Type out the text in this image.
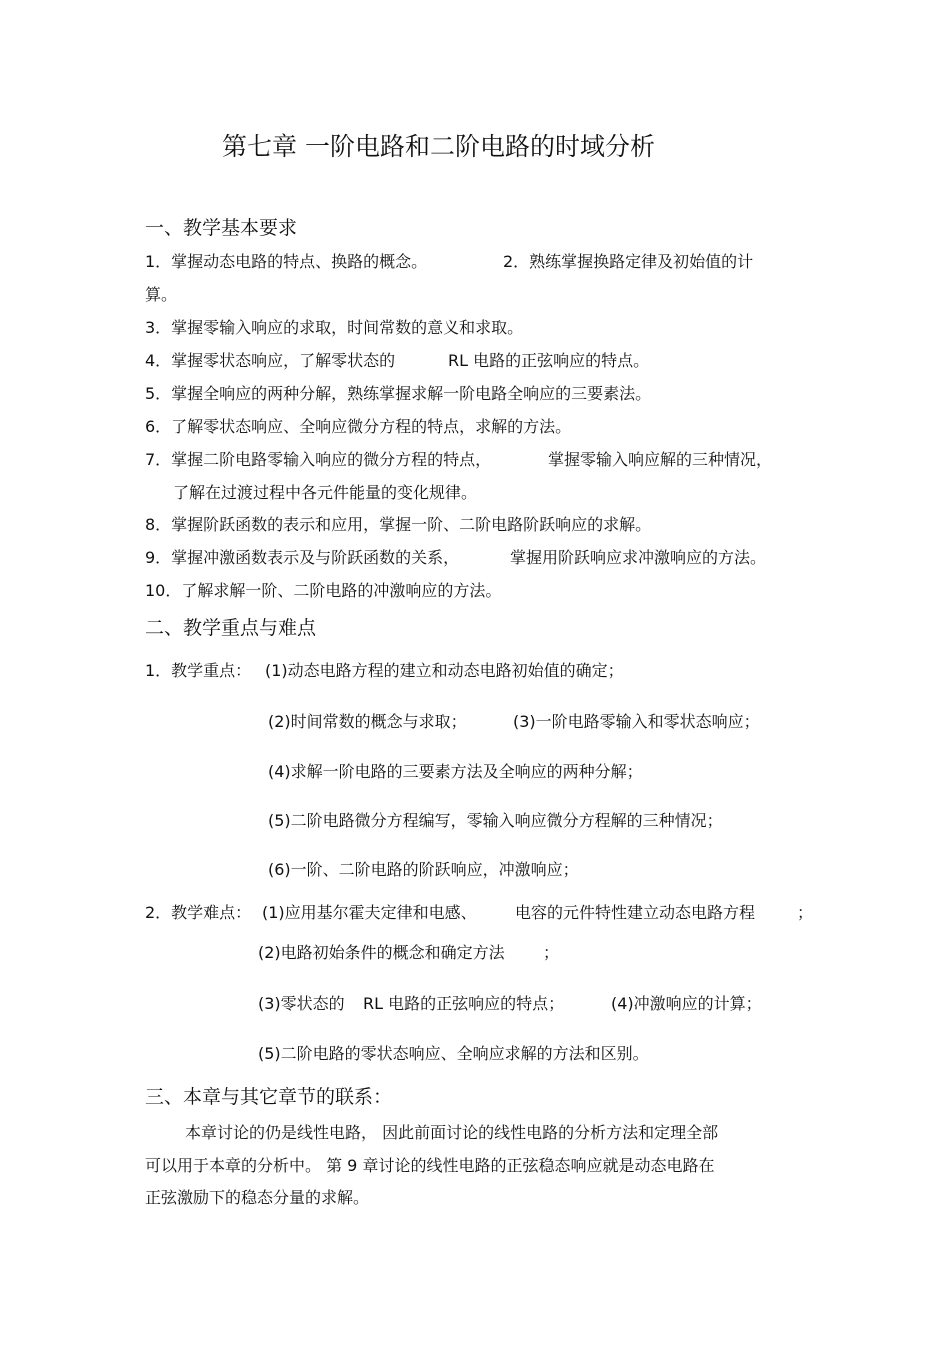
第七章 一阶电路和二阶电路的时域分析
一、教学基本要求
1．掌握动态电路的特点、换路的概念。	2．熟练掌握换路定律及初始值的计
算。
3．掌握零输入响应的求取，时间常数的意义和求取。
4．掌握零状态响应，了解零状态的	RL 电路的正弦响应的特点。
5．掌握全响应的两种分解，熟练掌握求解一阶电路全响应的三要素法。
6．了解零状态响应、全响应微分方程的特点，求解的方法。
7．掌握二阶电路零输入响应的微分方程的特点，	掌握零输入响应解的三种情况，
了解在过渡过程中各元件能量的变化规律。
8．掌握阶跃函数的表示和应用，掌握一阶、二阶电路阶跃响应的求解。
9．掌握冲激函数表示及与阶跃函数的关系，	掌握用阶跃响应求冲激响应的方法。
10．了解求解一阶、二阶电路的冲激响应的方法。
二、教学重点与难点
1．教学重点： (1)动态电路方程的建立和动态电路初始值的确定；
(2)时间常数的概念与求取；	(3)一阶电路零输入和零状态响应；
(4)求解一阶电路的三要素方法及全响应的两种分解；
(5)二阶电路微分方程编写，零输入响应微分方程解的三种情况；
(6)一阶、二阶电路的阶跃响应，冲激响应；
2．教学难点： (1)应用基尔霍夫定律和电感、 电容的元件特性建立动态电路方程	；
(2)电路初始条件的概念和确定方法 ；
(3)零状态的 RL 电路的正弦响应的特点；	(4)冲激响应的计算；
(5)二阶电路的零状态响应、全响应求解的方法和区别。
三、本章与其它章节的联系：
本章讨论的仍是线性电路， 因此前面讨论的线性电路的分析方法和定理全部
可以用于本章的分析中。 第 9 章讨论的线性电路的正弦稳态响应就是动态电路在
正弦激励下的稳态分量的求解。
